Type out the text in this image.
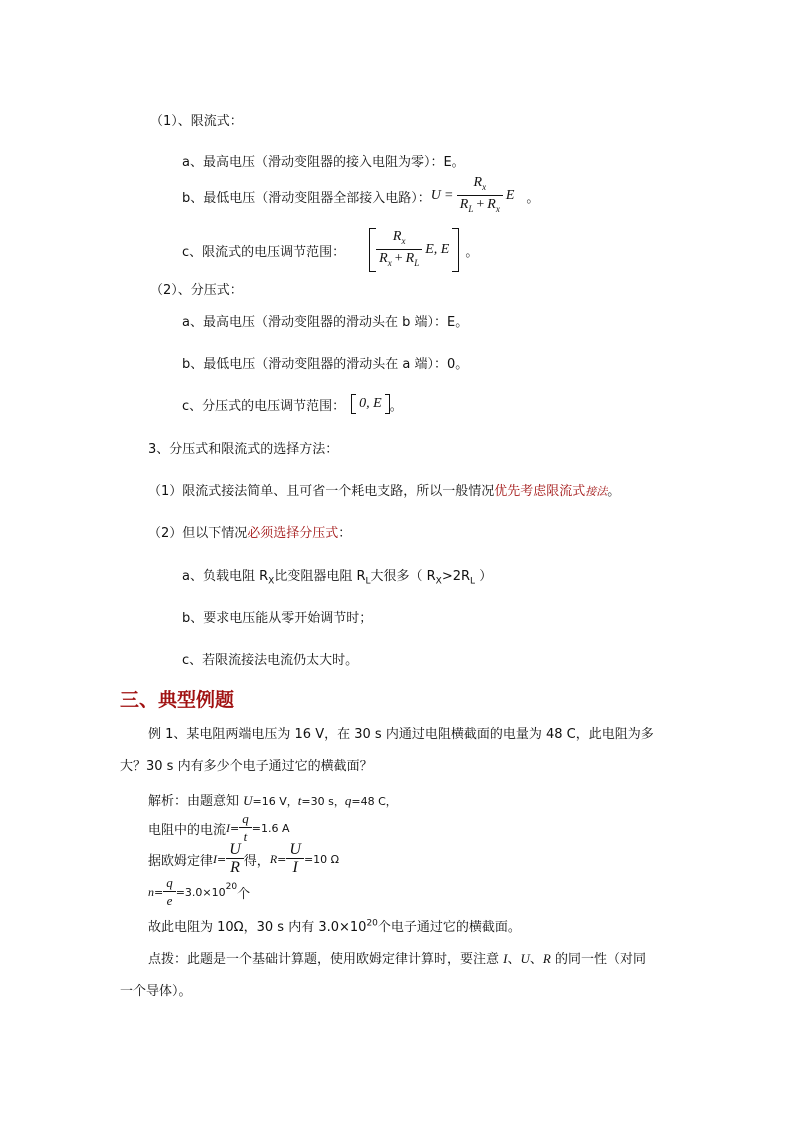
（1）、限流式：
a、最高电压（滑动变阻器的接入电阻为零）：E。
b、最低电压（滑动变阻器全部接入电路）： $U = \frac{R_x}{R_L + R_x}$ E 。
c、限流式的电压调节范围： $\frac{R_x}{R_x + R_L} E$, E 。
（2）、分压式：
a、最高电压（滑动变阻器的滑动头在 b 端）：E。
b、最低电压（滑动变阻器的滑动头在 a 端）：0。
c、分压式的电压调节范围： 0, E 。
3、分压式和限流式的选择方法：
（1）限流式接法简单、且可省一个耗电支路，所以一般情况优先考虑限流式接法。
（2）但以下情况必须选择分压式：
a、负载电阻 $R_X$比变阻器电阻 $R_L$大很多（ $R_X>2R_L$ ）
b、要求电压能从零开始调节时；
c、若限流接法电流仍太大时。
三、典型例题
例 1、某电阻两端电压为 16 V，在 30 s 内通过电阻横截面的电量为 48 C，此电阻为多
大？30 s 内有多少个电子通过它的横截面？
解析：由题意知 U=16 V，t=30 s，q=48 C，
电阻中的电流 $I = \frac{q}{t} =1.6$ A
据欧姆定律 $I = \frac{U}{R}$ 得， $R = \frac{U}{I} =10$ Ω
$n = \frac{q}{e} =3.0\times 10^{20}$ 个
故此电阻为 10Ω，30 s 内有 $3.0\times 10^{20}$个电子通过它的横截面。
点拨：此题是一个基础计算题，使用欧姆定律计算时，要注意 I、U、R 的同一性（对同
一个导体）。
